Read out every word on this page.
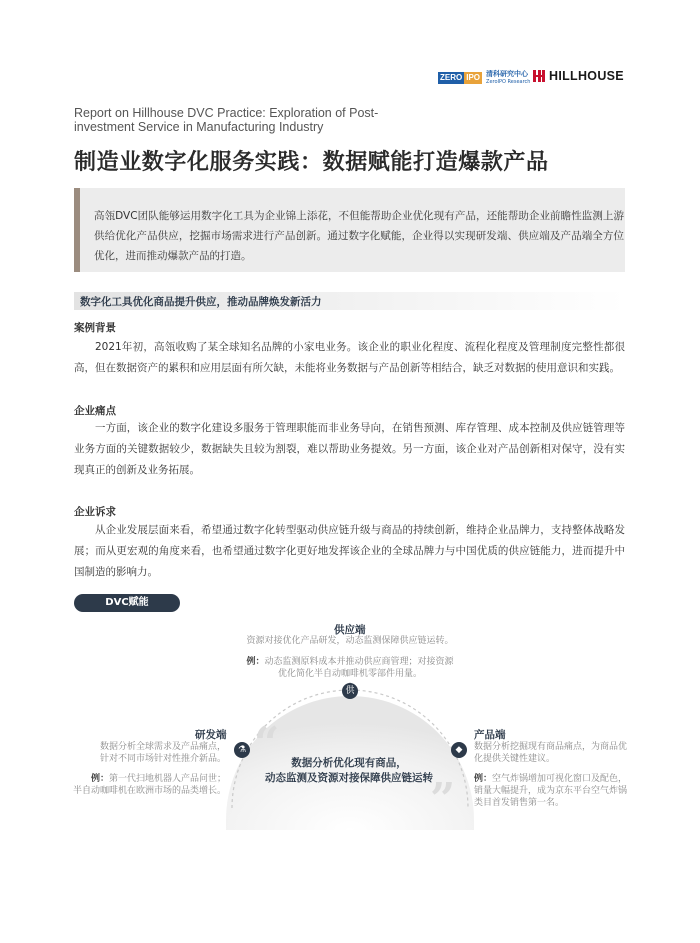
ZERO IPO 清科研究中心
ZeroIPO Research HILLHOUSE
Report on Hillhouse DVC Practice: Exploration of Post-investment Service in Manufacturing Industry
制造业数字化服务实践：数据赋能打造爆款产品
高瓴DVC团队能够运用数字化工具为企业锦上添花，不但能帮助企业优化现有产品，还能帮助企业前瞻性监测上游供给优化产品供应，挖掘市场需求进行产品创新。通过数字化赋能，企业得以实现研发端、供应端及产品端全方位优化，进而推动爆款产品的打造。
数字化工具优化商品提升供应，推动品牌焕发新活力
案例背景
2021年初，高瓴收购了某全球知名品牌的小家电业务。该企业的职业化程度、流程化程度及管理制度完整性都很高，但在数据资产的累积和应用层面有所欠缺，未能将业务数据与产品创新等相结合，缺乏对数据的使用意识和实践。
企业痛点
一方面，该企业的数字化建设多服务于管理职能而非业务导向，在销售预测、库存管理、成本控制及供应链管理等业务方面的关键数据较少，数据缺失且较为割裂，难以帮助业务提效。另一方面，该企业对产品创新相对保守，没有实现真正的创新及业务拓展。
企业诉求
从企业发展层面来看，希望通过数字化转型驱动供应链升级与商品的持续创新，维持企业品牌力，支持整体战略发展；而从更宏观的角度来看，也希望通过数字化更好地发挥该企业的全球品牌力与中国优质的供应链能力，进而提升中国制造的影响力。
DVC赋能
供
⚗	◆
“
”
数据分析优化现有商品，
动态监测及资源对接保障供应链运转
供应端
资源对接优化产品研发，动态监测保障供应链运转。
例：动态监测原料成本并推动供应商管理；对接资源
优化简化半自动咖啡机零部件用量。
研发端
数据分析全球需求及产品痛点，
针对不同市场针对性推介新品。
例：第一代扫地机器人产品问世；
半自动咖啡机在欧洲市场的品类增长。
产品端
数据分析挖掘现有商品痛点，为商品优
化提供关键性建议。
例：空气炸锅增加可视化窗口及配色，
销量大幅提升，成为京东平台空气炸锅
类目首发销售第一名。
